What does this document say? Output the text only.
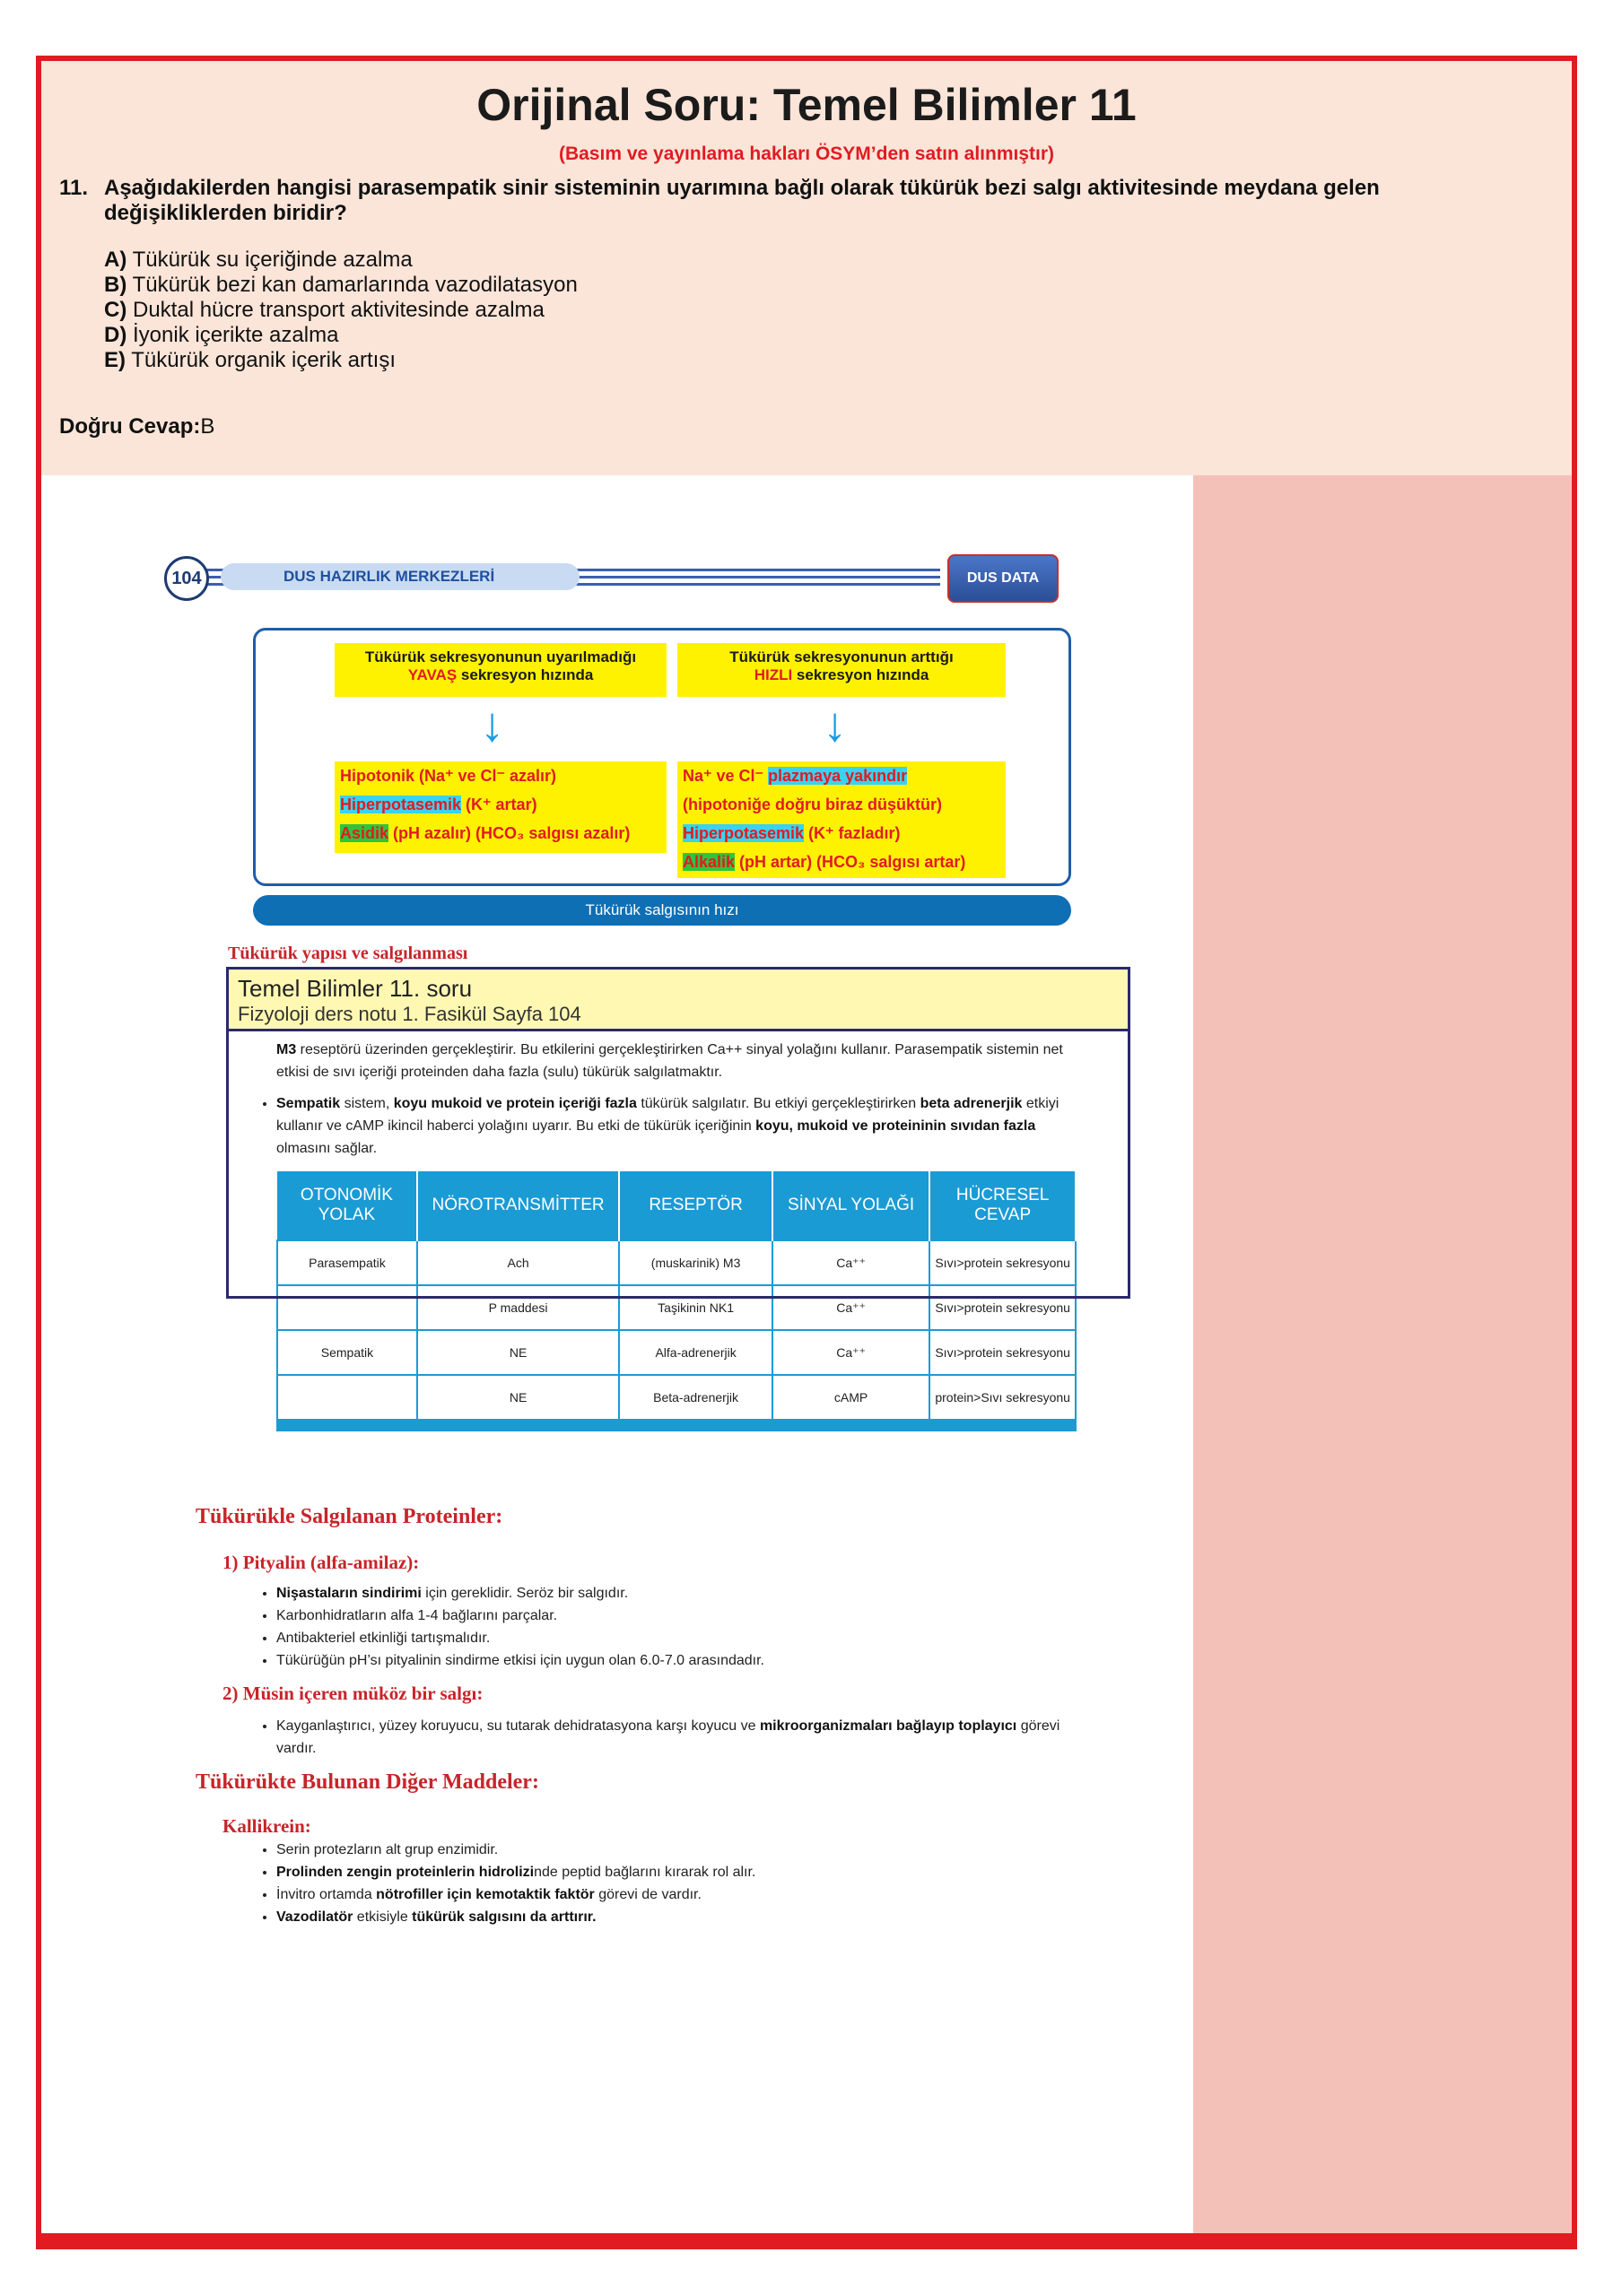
Orijinal Soru: Temel Bilimler 11
(Basım ve yayınlama hakları ÖSYM’den satın alınmıştır)
11. Aşağıdakilerden hangisi parasempatik sinir sisteminin uyarımına bağlı olarak tükürük bezi salgı aktivitesinde meydana gelen değişikliklerden biridir?
A) Tükürük su içeriğinde azalma
B) Tükürük bezi kan damarlarında vazodilatasyon
C) Duktal hücre transport aktivitesinde azalma
D) İyonik içerikte azalma
E) Tükürük organik içerik artışı
Doğru Cevap:B
DUS HAZIRLIK MERKEZLERİ
104	DUS DATA
Tükürük sekresyonunun uyarılmadığı
YAVAŞ sekresyon hızında
Tükürük sekresyonunun arttığı
HIZLI sekresyon hızında
↓	↓
Hipotonik (Na⁺ ve Cl⁻ azalır)
Hiperpotasemik (K⁺ artar)
Asidik (pH azalır) (HCO₃ salgısı azalır)
Na⁺ ve Cl⁻ plazmaya yakındır
(hipotoniğe doğru biraz düşüktür)
Hiperpotasemik (K⁺ fazladır)
Alkalik (pH artar) (HCO₃ salgısı artar)
Tükürük salgısının hızı
Tükürük yapısı ve salgılanması
Temel Bilimler 11. soru
Fizyoloji ders notu 1. Fasikül Sayfa 104
M3 reseptörü üzerinden gerçekleştirir. Bu etkilerini gerçekleştirirken Ca++ sinyal yolağını kullanır. Parasempatik sistemin net etkisi de sıvı içeriği proteinden daha fazla (sulu) tükürük salgılatmaktır.
• Sempatik sistem, koyu mukoid ve protein içeriği fazla tükürük salgılatır. Bu etkiyi gerçekleştirirken beta adrenerjik etkiyi kullanır ve cAMP ikincil haberci yolağını uyarır. Bu etki de tükürük içeriğinin koyu, mukoid ve proteininin sıvıdan fazla olmasını sağlar.
OTONOMİK YOLAK	NÖROTRANSMİTTER	RESEPTÖR	SİNYAL YOLAĞI	HÜCRESEL CEVAP
Parasempatik	Ach	(muskarinik) M3	Ca⁺⁺	Sıvı>protein sekresyonu
	P maddesi	Taşikinin NK1	Ca⁺⁺	Sıvı>protein sekresyonu
Sempatik	NE	Alfa-adrenerjik	Ca⁺⁺	Sıvı>protein sekresyonu
	NE	Beta-adrenerjik	cAMP	protein>Sıvı sekresyonu
Tükürükle Salgılanan Proteinler:
1) Pityalin (alfa-amilaz):
• Nişastaların sindirimi için gereklidir. Seröz bir salgıdır.
• Karbonhidratların alfa 1-4 bağlarını parçalar.
• Antibakteriel etkinliği tartışmalıdır.
• Tükürüğün pH’sı pityalinin sindirme etkisi için uygun olan 6.0-7.0 arasındadır.
2) Müsin içeren müköz bir salgı:
• Kayganlaştırıcı, yüzey koruyucu, su tutarak dehidratasyona karşı koyucu ve mikroorganizmaları bağlayıp toplayıcı görevi vardır.
Tükürükte Bulunan Diğer Maddeler:
Kallikrein:
• Serin protezların alt grup enzimidir.
• Prolinden zengin proteinlerin hidrolizinde peptid bağlarını kırarak rol alır.
• İnvitro ortamda nötrofiller için kemotaktik faktör görevi de vardır.
• Vazodilatör etkisiyle tükürük salgısını da arttırır.
